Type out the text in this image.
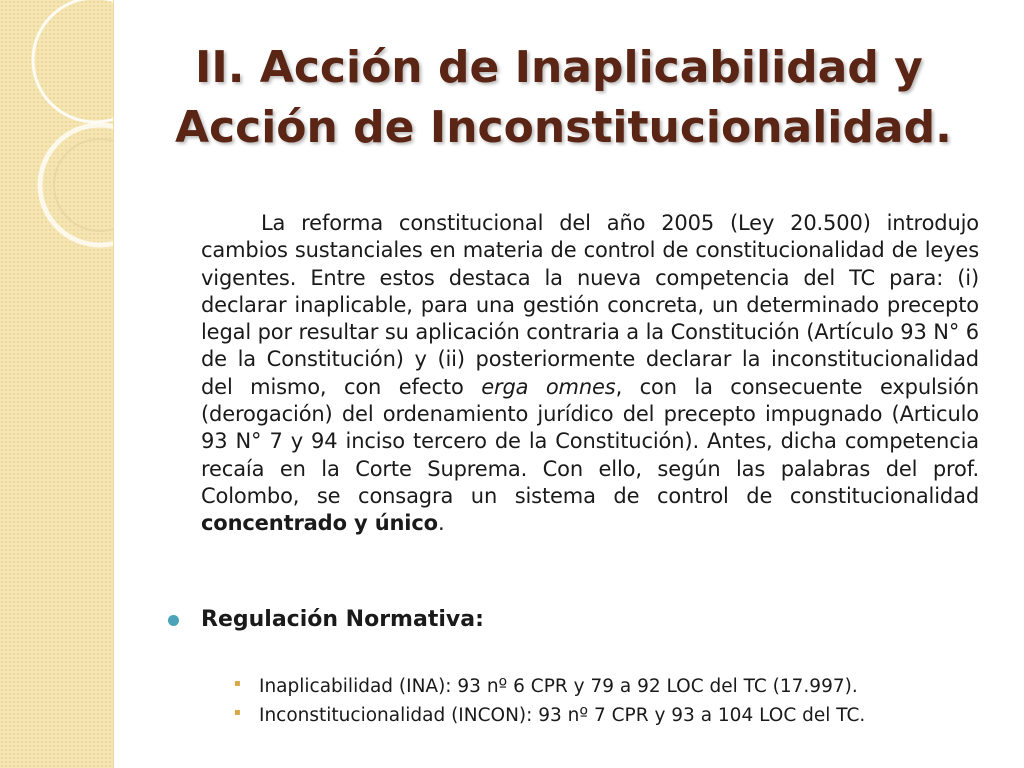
II. Acción de Inaplicabilidad y
Acción de Inconstitucionalidad.

La reforma constitucional del año 2005 (Ley 20.500) introdujo cambios sustanciales en materia de control de constitucionalidad de leyes vigentes. Entre estos destaca la nueva competencia del TC para: (i) declarar inaplicable, para una gestión concreta, un determinado precepto legal por resultar su aplicación contraria a la Constitución (Artículo 93 N° 6 de la Constitución) y (ii) posteriormente declarar la inconstitucionalidad del mismo, con efecto erga omnes, con la consecuente expulsión (derogación) del ordenamiento jurídico del precepto impugnado (Articulo 93 N° 7 y 94 inciso tercero de la Constitución). Antes, dicha competencia recaía en la Corte Suprema. Con ello, según las palabras del prof. Colombo, se consagra un sistema de control de constitucionalidad concentrado y único.

Regulación Normativa:
▪ Inaplicabilidad (INA): 93 nº 6 CPR y 79 a 92 LOC del TC (17.997).
▪ Inconstitucionalidad (INCON): 93 nº 7 CPR y 93 a 104 LOC del TC.
